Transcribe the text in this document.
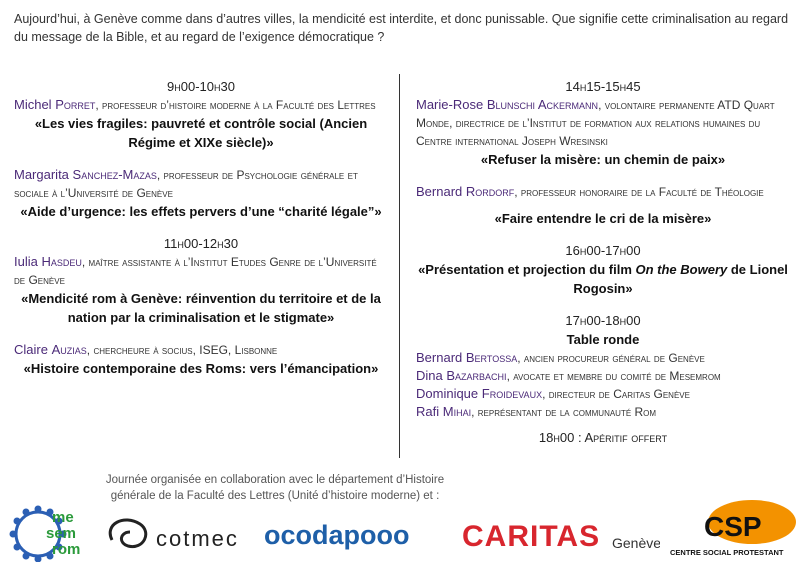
Aujourd’hui, à Genève comme dans d’autres villes, la mendicité est interdite, et donc punissable. Que signifie cette criminalisation au regard du message de la Bible, et au regard de l’exigence démocratique ?

9h00-10h30

Michel Porret, professeur d’histoire moderne à la Faculté des Lettres

«Les vies fragiles: pauvreté et contrôle social (Ancien Régime et XIXe siècle)»

Margarita Sanchez-Mazas, professeur de Psychologie générale et sociale à l’Université de Genève

«Aide d’urgence: les effets pervers d’une “charité légale”»

11h00-12h30

Iulia Hasdeu, maître assistante à l’Institut Etudes Genre de l’Université de Genève

«Mendicité rom à Genève: réinvention du territoire et de la nation par la criminalisation et le stigmate»

Claire Auzias, chercheure à socius, ISEG, Lisbonne

«Histoire contemporaine des Roms: vers l’émancipation»

14h15-15h45

Marie-Rose Blunschi Ackermann, volontaire permanente ATD Quart Monde, directrice de l’Institut de formation aux relations humaines du Centre international Joseph Wresinski

«Refuser la misère: un chemin de paix»

Bernard Rordorf, professeur honoraire de la Faculté de Théologie

«Faire entendre le cri de la misère»

16h00-17h00

«Présentation et projection du film On the Bowery de Lionel Rogosin»

17h00-18h00

Table ronde

Bernard Bertossa, ancien procureur général de Genève

Dina Bazarbachi, avocate et membre du comité de Mesemrom

Dominique Froidevaux, directeur de Caritas Genève

Rafi Mihai, représentant de la communauté Rom

18h00 : Apéritif offert

Journée organisée en collaboration avec le département d’Histoire générale de la Faculté des Lettres (Unité d’histoire moderne) et :
me
sem
rom	cotmec ocodapooo CARITAS Genève
CSP
CENTRE SOCIAL PROTESTANT
